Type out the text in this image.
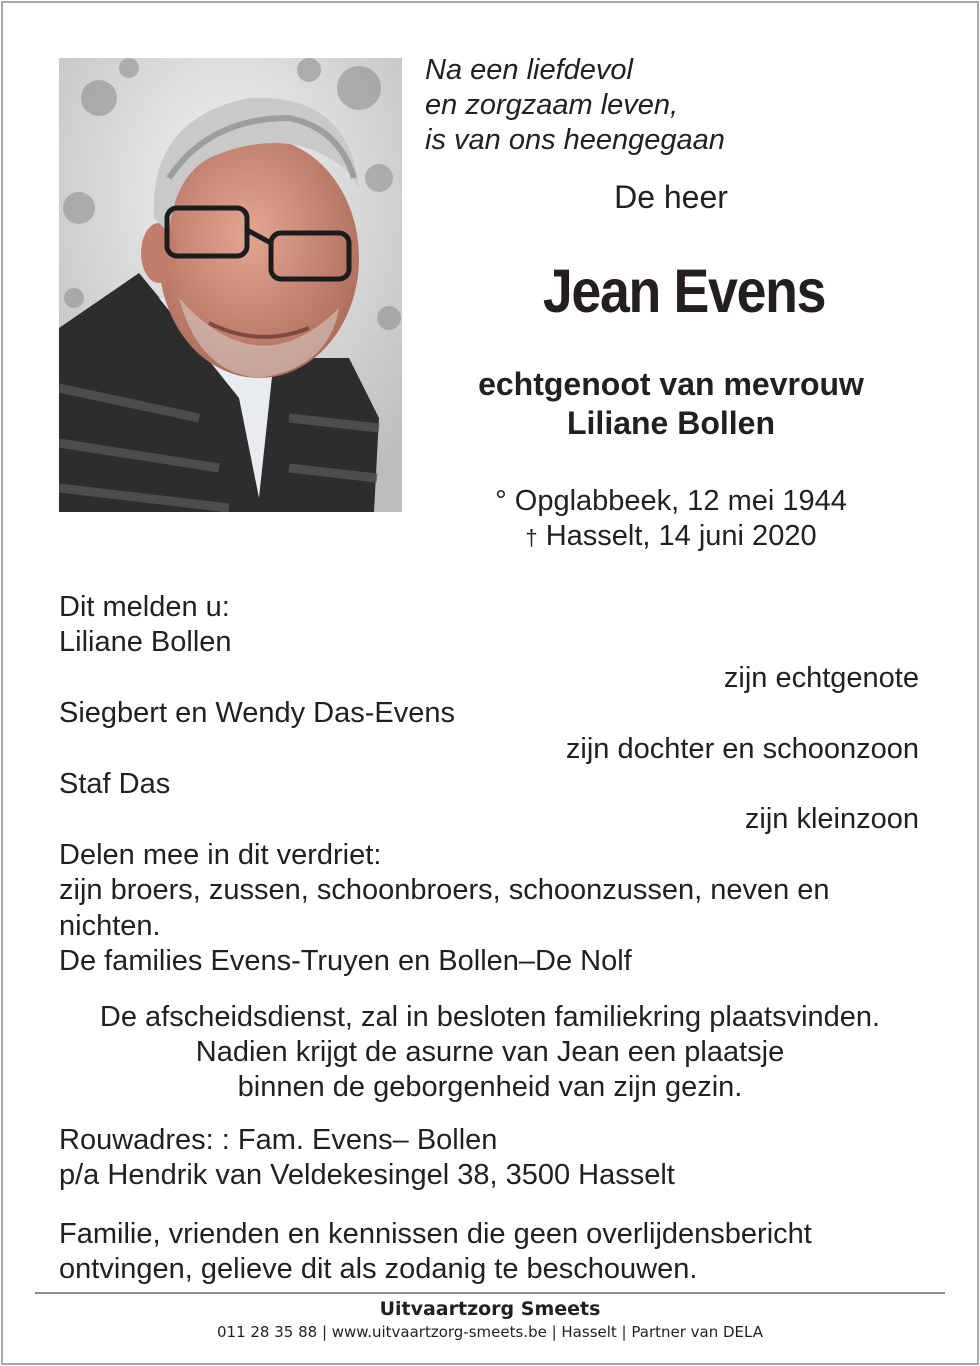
Na een liefdevol
en zorgzaam leven,
is van ons heengegaan
De heer
Jean Evens
echtgenoot van mevrouw
Liliane Bollen
° Opglabbeek, 12 mei 1944
† Hasselt, 14 juni 2020
Dit melden u:
Liliane Bollen
zijn echtgenote
Siegbert en Wendy Das-Evens
zijn dochter en schoonzoon
Staf Das
zijn kleinzoon
Delen mee in dit verdriet:
zijn broers, zussen, schoonbroers, schoonzussen, neven en
nichten.
De families Evens-Truyen en Bollen–De Nolf
De afscheidsdienst, zal in besloten familiekring plaatsvinden.
Nadien krijgt de asurne van Jean een plaatsje
binnen de geborgenheid van zijn gezin.
Rouwadres: : Fam. Evens– Bollen
p/a Hendrik van Veldekesingel 38, 3500 Hasselt
Familie, vrienden en kennissen die geen overlijdensbericht
ontvingen, gelieve dit als zodanig te beschouwen.
Uitvaartzorg Smeets
011 28 35 88 | www.uitvaartzorg-smeets.be | Hasselt | Partner van DELA
